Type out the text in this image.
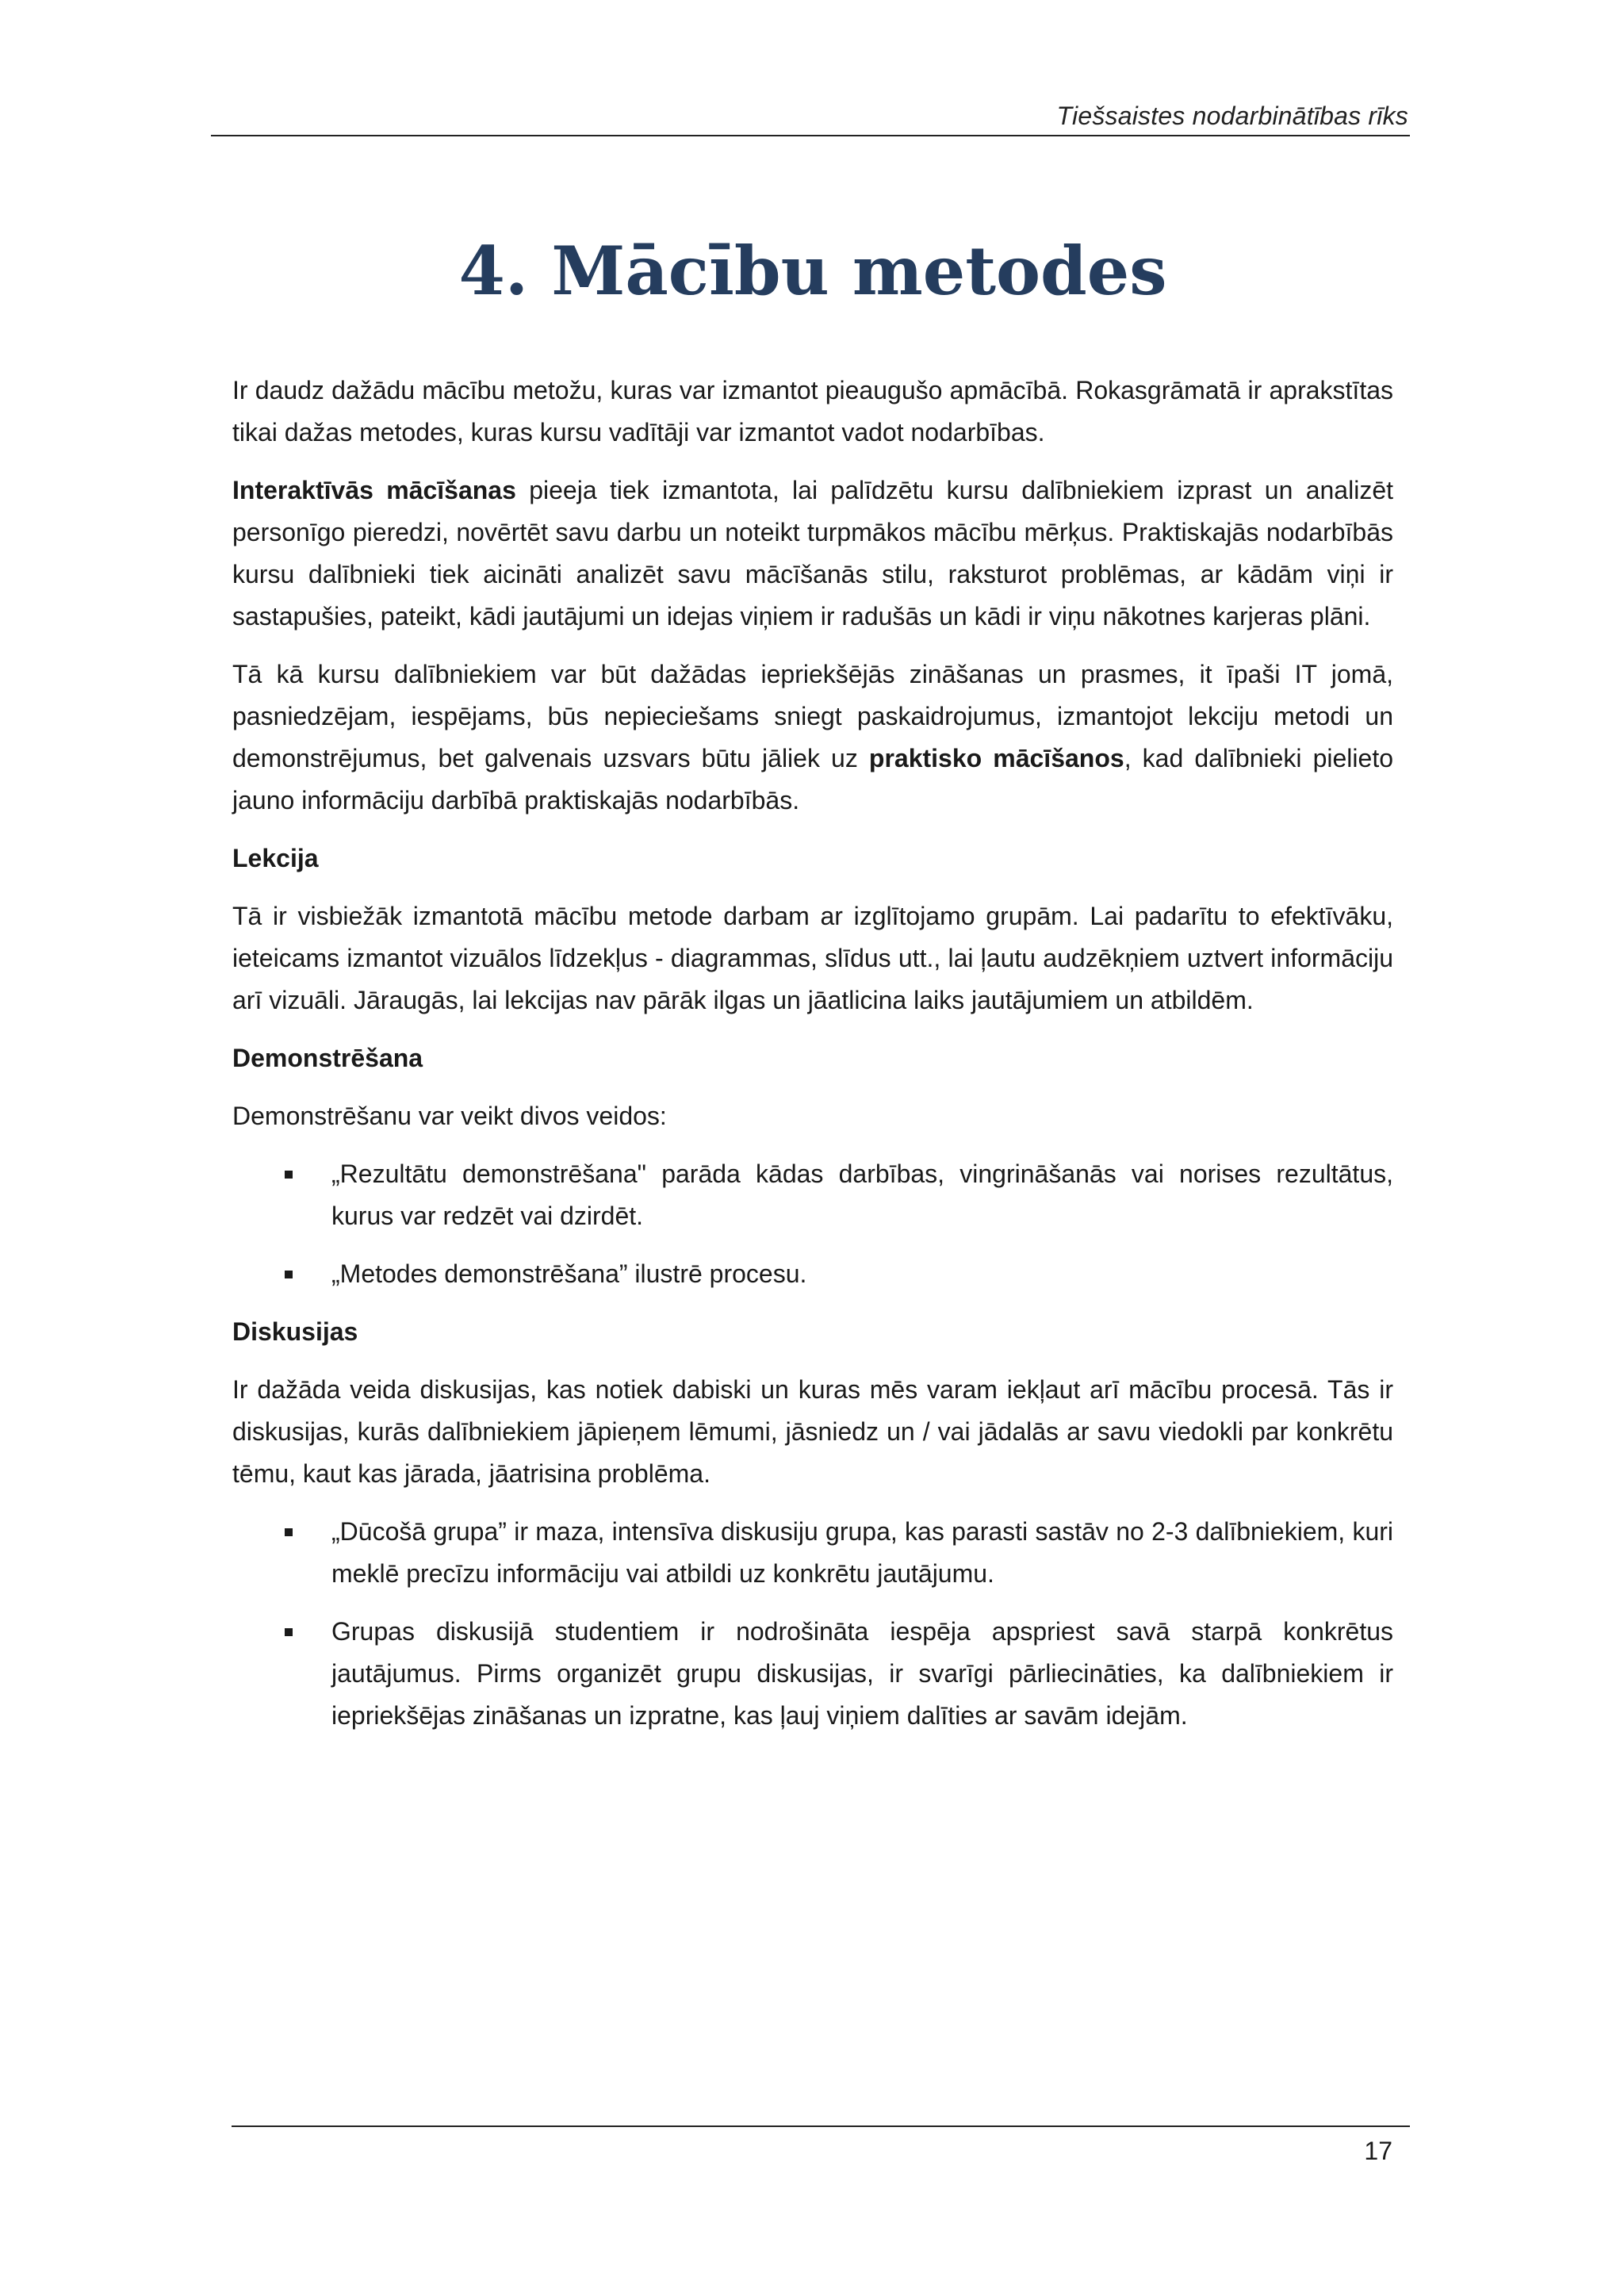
Tiešsaistes nodarbinātības rīks
4. Mācību metodes

Ir daudz dažādu mācību metožu, kuras var izmantot pieaugušo apmācībā. Rokasgrāmatā ir aprakstītas tikai dažas metodes, kuras kursu vadītāji var izmantot vadot nodarbības.

Interaktīvās mācīšanas pieeja tiek izmantota, lai palīdzētu kursu dalībniekiem izprast un analizēt personīgo pieredzi, novērtēt savu darbu un noteikt turpmākos mācību mērķus. Praktiskajās nodarbībās kursu dalībnieki tiek aicināti analizēt savu mācīšanās stilu, raksturot problēmas, ar kādām viņi ir sastapušies, pateikt, kādi jautājumi un idejas viņiem ir radušās un kādi ir viņu nākotnes karjeras plāni.

Tā kā kursu dalībniekiem var būt dažādas iepriekšējās zināšanas un prasmes, it īpaši IT jomā, pasniedzējam, iespējams, būs nepieciešams sniegt paskaidrojumus, izmantojot lekciju metodi un demonstrējumus, bet galvenais uzsvars būtu jāliek uz praktisko mācīšanos, kad dalībnieki pielieto jauno informāciju darbībā praktiskajās nodarbībās.

Lekcija

Tā ir visbiežāk izmantotā mācību metode darbam ar izglītojamo grupām. Lai padarītu to efektīvāku, ieteicams izmantot vizuālos līdzekļus - diagrammas, slīdus utt., lai ļautu audzēkņiem uztvert informāciju arī vizuāli. Jāraugās, lai lekcijas nav pārāk ilgas un jāatlicina laiks jautājumiem un atbildēm.

Demonstrēšana

Demonstrēšanu var veikt divos veidos:

„Rezultātu demonstrēšana" parāda kādas darbības, vingrināšanās vai norises rezultātus, kurus var redzēt vai dzirdēt.
„Metodes demonstrēšana” ilustrē procesu.
Diskusijas

Ir dažāda veida diskusijas, kas notiek dabiski un kuras mēs varam iekļaut arī mācību procesā. Tās ir diskusijas, kurās dalībniekiem jāpieņem lēmumi, jāsniedz un / vai jādalās ar savu viedokli par konkrētu tēmu, kaut kas jārada, jāatrisina problēma.

„Dūcošā grupa” ir maza, intensīva diskusiju grupa, kas parasti sastāv no 2-3 dalībniekiem, kuri meklē precīzu informāciju vai atbildi uz konkrētu jautājumu.
Grupas diskusijā studentiem ir nodrošināta iespēja apspriest savā starpā konkrētus jautājumus. Pirms organizēt grupu diskusijas, ir svarīgi pārliecināties, ka dalībniekiem ir iepriekšējas zināšanas un izpratne, kas ļauj viņiem dalīties ar savām idejām.
17
